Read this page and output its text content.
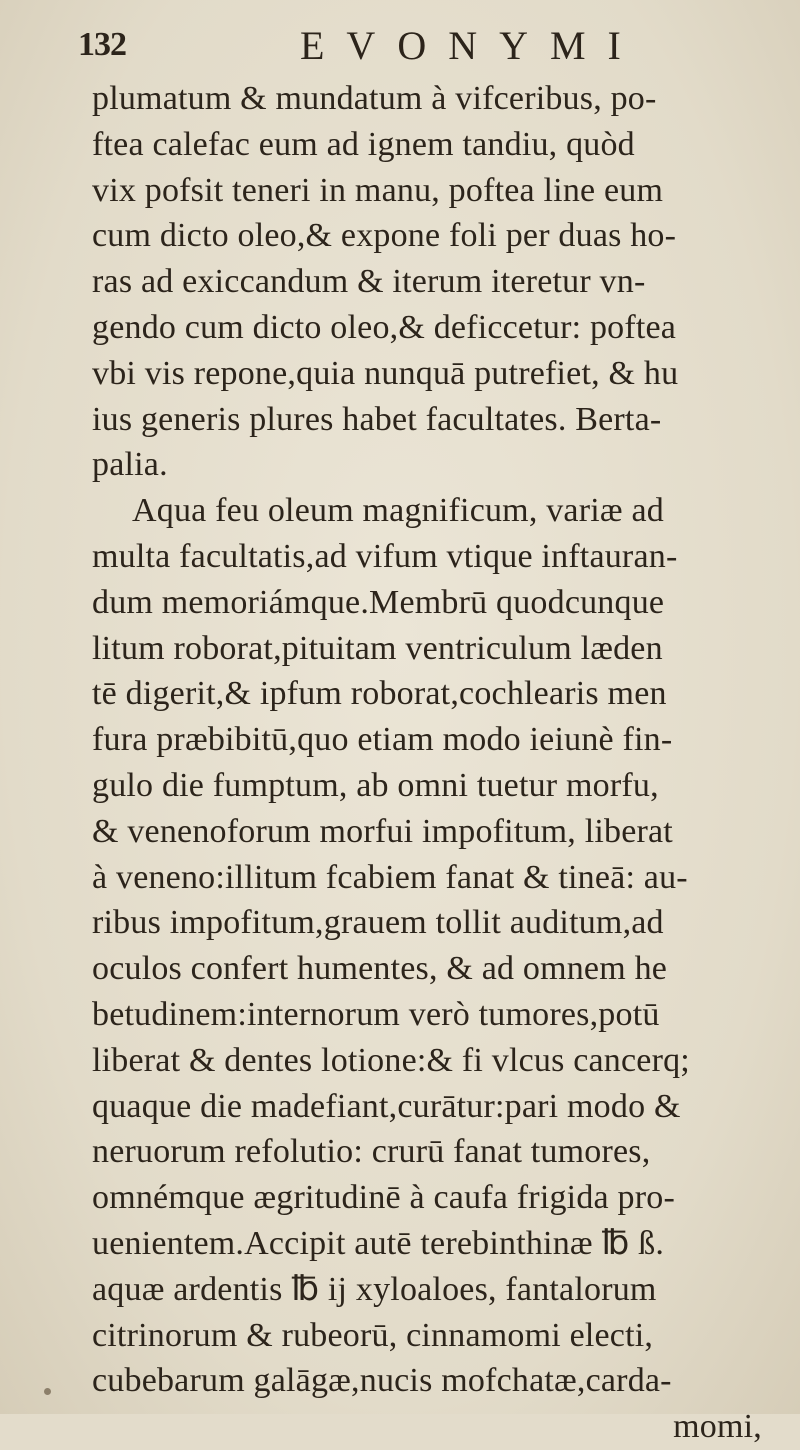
132	EVONYMI
plumatum & mundatum à vifceribus, po-
ftea calefac eum ad ignem tandiu, quòd
vix pofsit teneri in manu, poftea line eum
cum dicto oleo,& expone foli per duas ho-
ras ad exiccandum & iterum iteretur vn-
gendo cum dicto oleo,& deficcetur: poftea
vbi vis repone,quia nunquā putrefiet, & hu
ius generis plures habet facultates. Berta-
palia.
Aqua feu oleum magnificum, variæ ad
multa facultatis,ad vifum vtique inftauran-
dum memoriámque.Membrū quodcunque
litum roborat,pituitam ventriculum læden
tē digerit,& ipfum roborat,cochlearis men
fura præbibitū,quo etiam modo ieiunè fin-
gulo die fumptum, ab omni tuetur morfu,
& venenoforum morfui impofitum, liberat
à veneno:illitum fcabiem fanat & tineā: au-
ribus impofitum,grauem tollit auditum,ad
oculos confert humentes, & ad omnem he
betudinem:internorum verò tumores,potū
liberat & dentes lotione:& fi vlcus cancerq;
quaque die madefiant,curātur:pari modo &
neruorum refolutio: crurū fanat tumores,
omnémque ægritudinē à caufa frigida pro-
uenientem.Accipit autē terebinthinæ ℔ ß.
aquæ ardentis ℔ ij xyloaloes, fantalorum
citrinorum & rubeorū, cinnamomi electi,
cubebarum galāgæ,nucis mofchatæ,carda-
momi,
